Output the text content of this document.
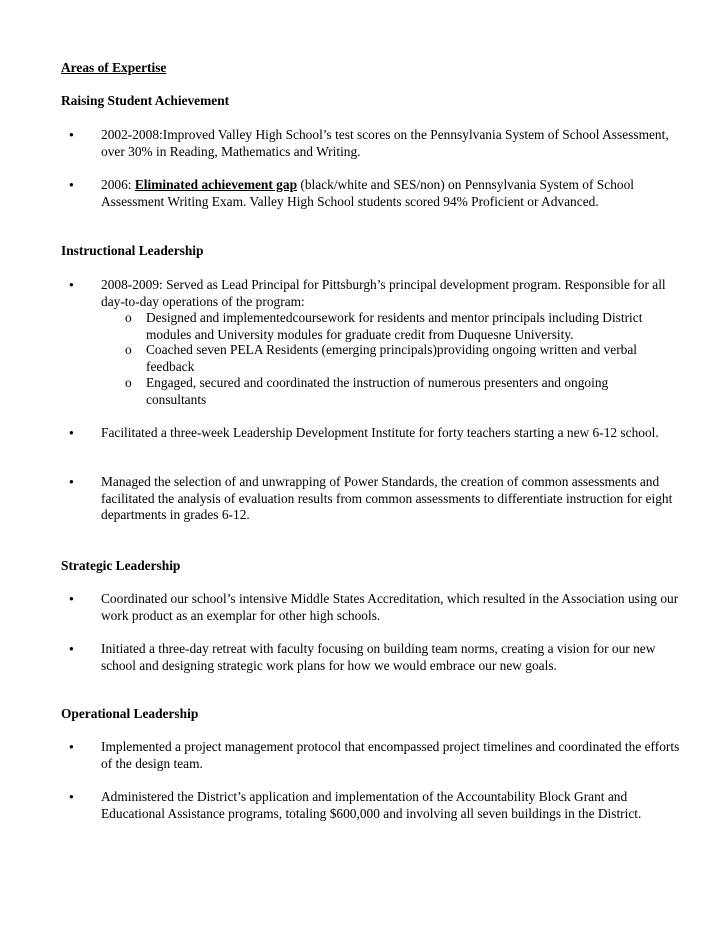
Areas of Expertise
Raising Student Achievement
● 2002-2008:Improved Valley High School’s test scores on the Pennsylvania System of School Assessment, over 30% in Reading, Mathematics and Writing.
● 2006: Eliminated achievement gap (black/white and SES/non) on Pennsylvania System of School Assessment Writing Exam. Valley High School students scored 94% Proficient or Advanced.
Instructional Leadership
● 2008-2009: Served as Lead Principal for Pittsburgh’s principal development program. Responsible for all day-to-day operations of the program:
o Designed and implementedcoursework for residents and mentor principals including District modules and University modules for graduate credit from Duquesne University.
o Coached seven PELA Residents (emerging principals)providing ongoing written and verbal feedback
o Engaged, secured and coordinated the instruction of numerous presenters and ongoing consultants
● Facilitated a three-week Leadership Development Institute for forty teachers starting a new 6-12 school.
● Managed the selection of and unwrapping of Power Standards, the creation of common assessments and facilitated the analysis of evaluation results from common assessments to differentiate instruction for eight departments in grades 6-12.
Strategic Leadership
● Coordinated our school’s intensive Middle States Accreditation, which resulted in the Association using our work product as an exemplar for other high schools.
● Initiated a three-day retreat with faculty focusing on building team norms, creating a vision for our new school and designing strategic work plans for how we would embrace our new goals.
Operational Leadership
● Implemented a project management protocol that encompassed project timelines and coordinated the efforts of the design team.
● Administered the District’s application and implementation of the Accountability Block Grant and Educational Assistance programs, totaling $600,000 and involving all seven buildings in the District.
